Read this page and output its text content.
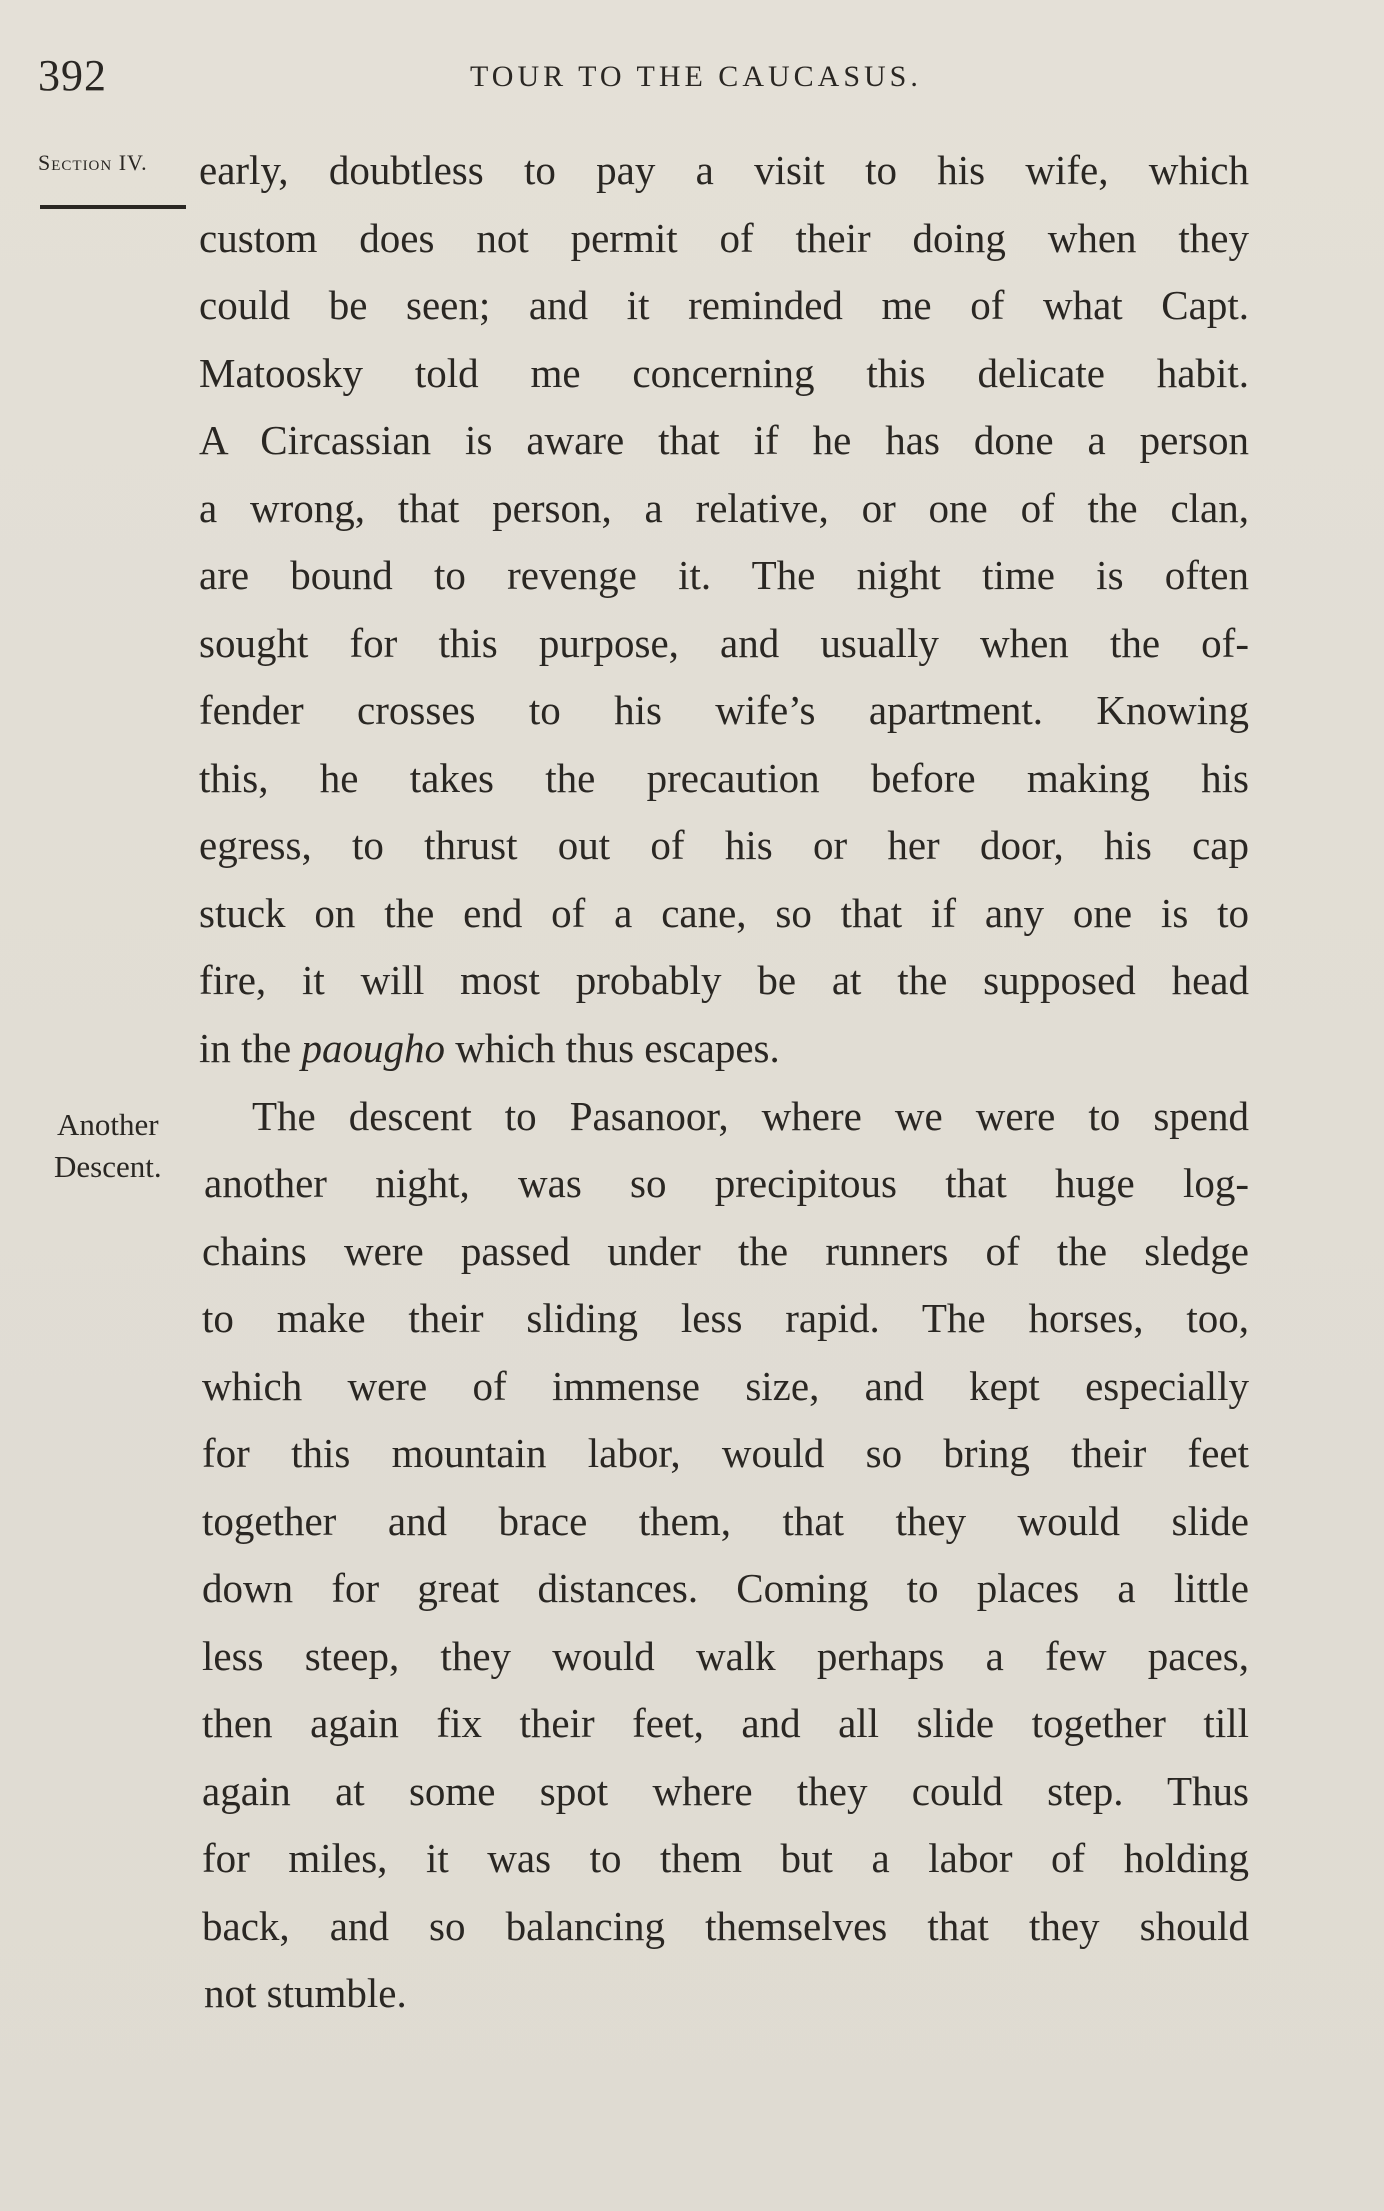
392	TOUR TO THE CAUCASUS.
Section IV.
Another
Descent.
early, doubtless to pay a visit to his wife, which
custom does not permit of their doing when they
could be seen; and it reminded me of what Capt.
Matoosky told me concerning this delicate habit.
A Circassian is aware that if he has done a person
a wrong, that person, a relative, or one of the clan,
are bound to revenge it. The night time is often
sought for this purpose, and usually when the of-
fender crosses to his wife’s apartment. Knowing
this, he takes the precaution before making his
egress, to thrust out of his or her door, his cap
stuck on the end of a cane, so that if any one is to
fire, it will most probably be at the supposed head
in the paougho which thus escapes.
The descent to Pasanoor, where we were to spend
another night, was so precipitous that huge log-
chains were passed under the runners of the sledge
to make their sliding less rapid. The horses, too,
which were of immense size, and kept especially
for this mountain labor, would so bring their feet
together and brace them, that they would slide
down for great distances. Coming to places a little
less steep, they would walk perhaps a few paces,
then again fix their feet, and all slide together till
again at some spot where they could step. Thus
for miles, it was to them but a labor of holding
back, and so balancing themselves that they should
not stumble.
